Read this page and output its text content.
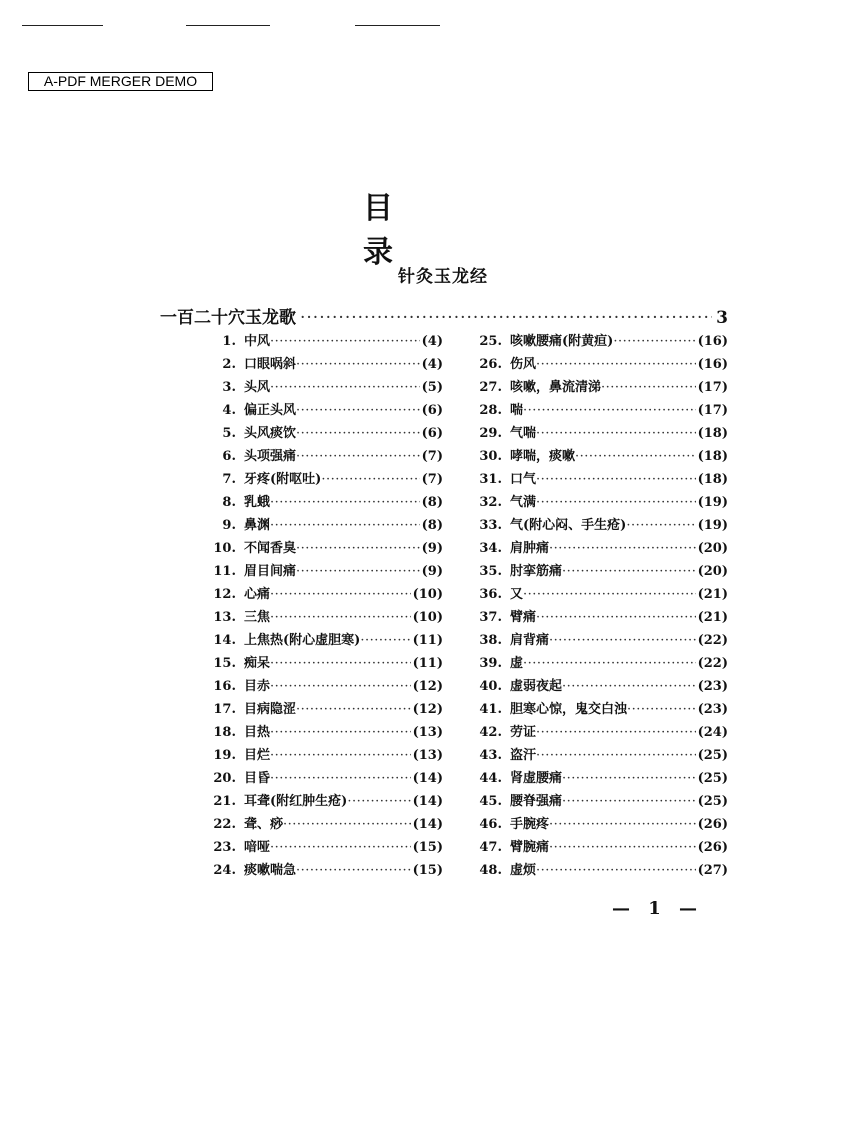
A-PDF MERGER DEMO
目录
针灸玉龙经
一百二十穴玉龙歌 ·····	3
1. 中风 ·····	(4)
2. 口眼㖞斜 ·····	(4)
3. 头风 ·····	(5)
4. 偏正头风 ·····	(6)
5. 头风痰饮 ·····	(6)
6. 头项强痛 ·····	(7)
7. 牙疼(附呕吐) ·····	(7)
8. 乳蛾 ·····	(8)
9. 鼻渊 ·····	(8)
10. 不闻香臭 ·····	(9)
11. 眉目间痛 ·····	(9)
12. 心痛 ·····	(10)
13. 三焦 ·····	(10)
14. 上焦热(附心虚胆寒) ·····	(11)
15. 痴呆 ·····	(11)
16. 目赤 ·····	(12)
17. 目病隐涩 ·····	(12)
18. 目热 ·····	(13)
19. 目烂 ·····	(13)
20. 目昏 ·····	(14)
21. 耳聋(附红肿生疮) ·····	(14)
22. 聋、痧 ·····	(14)
23. 喑哑 ·····	(15)
24. 痰嗽喘急 ·····	(15)
25. 咳嗽腰痛(附黄疸) ·····	(16)
26. 伤风 ·····	(16)
27. 咳嗽，鼻流清涕 ·····	(17)
28. 喘 ·····	(17)
29. 气喘 ·····	(18)
30. 哮喘，痰嗽 ·····	(18)
31. 口气 ·····	(18)
32. 气满 ·····	(19)
33. 气(附心闷、手生疮) ·····	(19)
34. 肩肿痛 ·····	(20)
35. 肘挛筋痛 ·····	(20)
36. 又 ·····	(21)
37. 臂痛 ·····	(21)
38. 肩背痛 ·····	(22)
39. 虚 ·····	(22)
40. 虚弱夜起 ·····	(23)
41. 胆寒心惊，鬼交白浊 ·····	(23)
42. 劳证 ·····	(24)
43. 盗汗 ·····	(25)
44. 肾虚腰痛 ·····	(25)
45. 腰脊强痛 ·····	(25)
46. 手腕疼 ·····	(26)
47. 臂腕痛 ·····	(26)
48. 虚烦 ·····	(27)
— 1 —
